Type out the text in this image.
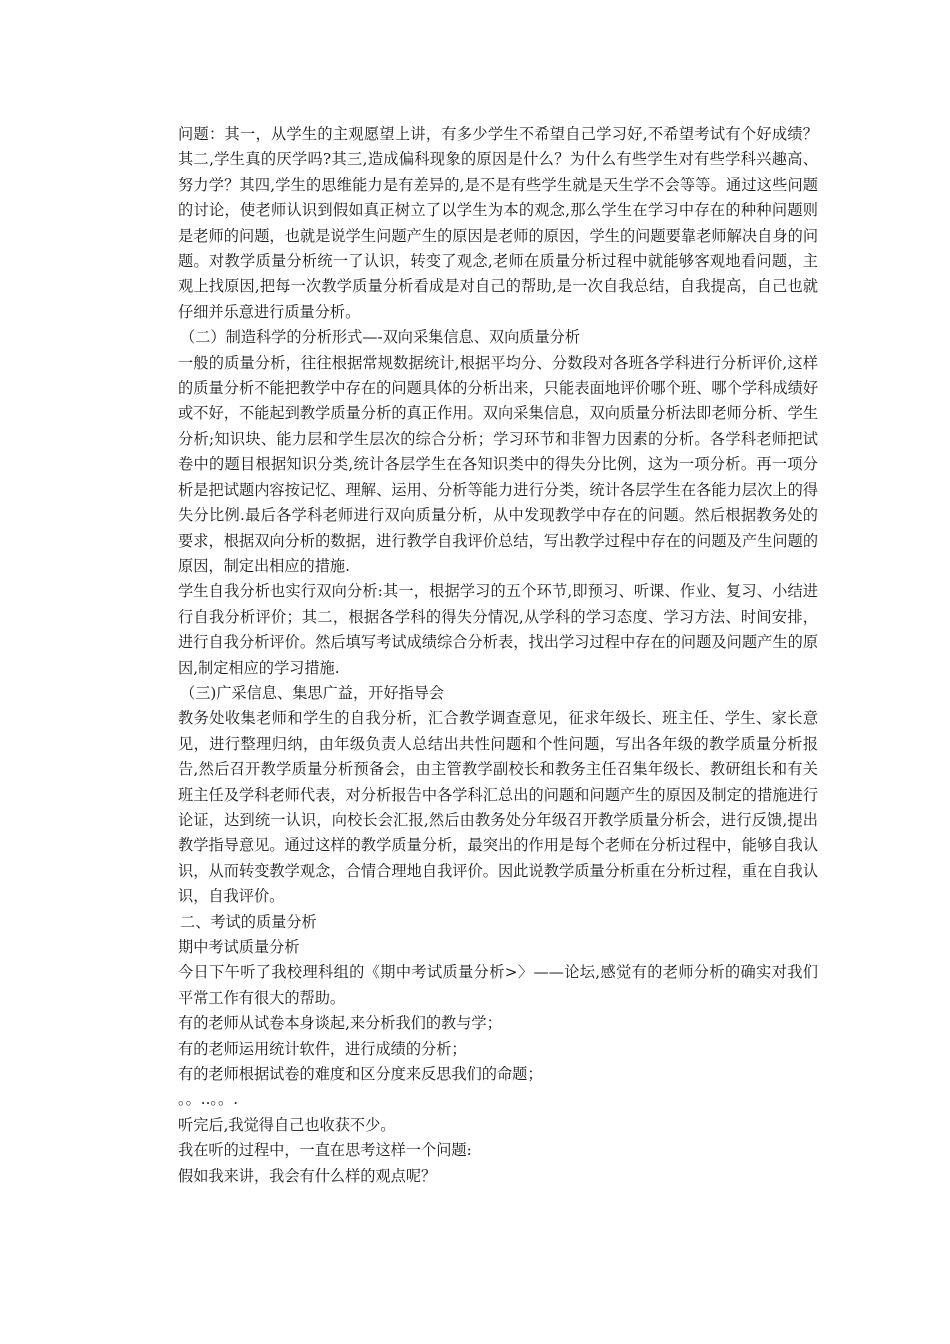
问题：其一，从学生的主观愿望上讲，有多少学生不希望自己学习好,不希望考试有个好成绩？其二,学生真的厌学吗?其三,造成偏科现象的原因是什么？为什么有些学生对有些学科兴趣高、努力学？其四,学生的思维能力是有差异的,是不是有些学生就是天生学不会等等。通过这些问题的讨论，使老师认识到假如真正树立了以学生为本的观念,那么学生在学习中存在的种种问题则是老师的问题，也就是说学生问题产生的原因是老师的原因，学生的问题要靠老师解决自身的问题。对教学质量分析统一了认识，转变了观念,老师在质量分析过程中就能够客观地看问题，主观上找原因,把每一次教学质量分析看成是对自己的帮助,是一次自我总结，自我提高，自己也就仔细并乐意进行质量分析。

（二）制造科学的分析形式—-双向采集信息、双向质量分析

一般的质量分析，往往根据常规数据统计,根据平均分、分数段对各班各学科进行分析评价,这样的质量分析不能把教学中存在的问题具体的分析出来，只能表面地评价哪个班、哪个学科成绩好或不好，不能起到教学质量分析的真正作用。双向采集信息，双向质量分析法即老师分析、学生分析;知识块、能力层和学生层次的综合分析；学习环节和非智力因素的分析。各学科老师把试卷中的题目根据知识分类,统计各层学生在各知识类中的得失分比例，这为一项分析。再一项分析是把试题内容按记忆、理解、运用、分析等能力进行分类，统计各层学生在各能力层次上的得失分比例.最后各学科老师进行双向质量分析，从中发现教学中存在的问题。然后根据教务处的要求，根据双向分析的数据，进行教学自我评价总结，写出教学过程中存在的问题及产生问题的原因，制定出相应的措施.

学生自我分析也实行双向分析:其一，根据学习的五个环节,即预习、听课、作业、复习、小结进行自我分析评价；其二，根据各学科的得失分情况,从学科的学习态度、学习方法、时间安排，进行自我分析评价。然后填写考试成绩综合分析表，找出学习过程中存在的问题及问题产生的原因,制定相应的学习措施.

（三)广采信息、集思广益，开好指导会

教务处收集老师和学生的自我分析，汇合教学调查意见，征求年级长、班主任、学生、家长意见，进行整理归纳，由年级负责人总结出共性问题和个性问题，写出各年级的教学质量分析报告,然后召开教学质量分析预备会，由主管教学副校长和教务主任召集年级长、教研组长和有关班主任及学科老师代表，对分析报告中各学科汇总出的问题和问题产生的原因及制定的措施进行论证，达到统一认识，向校长会汇报,然后由教务处分年级召开教学质量分析会，进行反馈,提出教学指导意见。通过这样的教学质量分析，最突出的作用是每个老师在分析过程中，能够自我认识，从而转变教学观念，合情合理地自我评价。因此说教学质量分析重在分析过程，重在自我认识，自我评价。

二、考试的质量分析

期中考试质量分析

今日下午听了我校理科组的《期中考试质量分析>〉——论坛,感觉有的老师分析的确实对我们平常工作有很大的帮助。

有的老师从试卷本身谈起,来分析我们的教与学；

有的老师运用统计软件，进行成绩的分析；

有的老师根据试卷的难度和区分度来反思我们的命题；

。。..。。.

听完后,我觉得自己也收获不少。

我在听的过程中，一直在思考这样一个问题:

假如我来讲，我会有什么样的观点呢？
